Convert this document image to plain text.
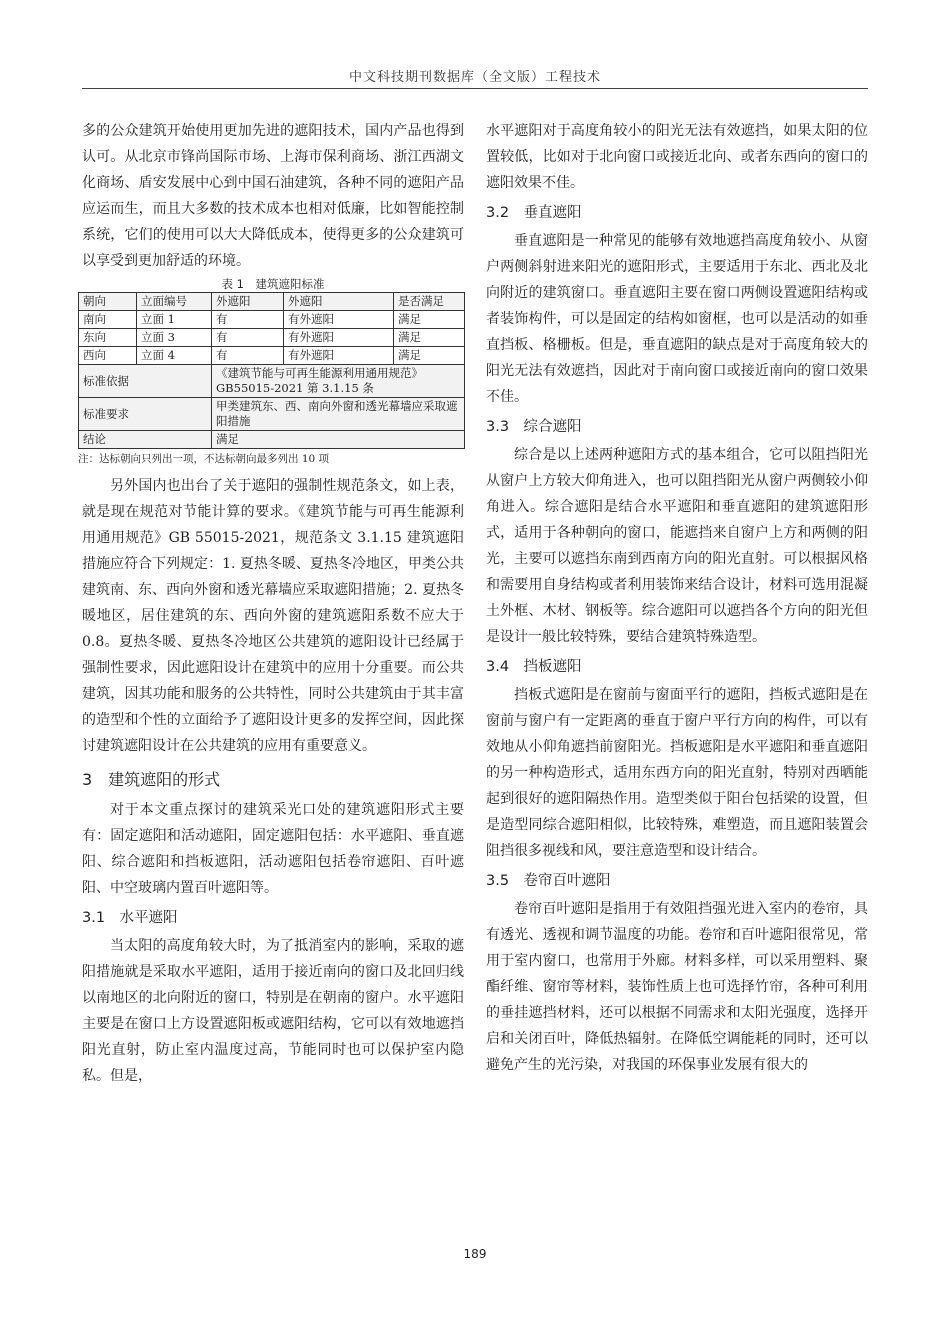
中文科技期刊数据库（全文版）工程技术

多的公众建筑开始使用更加先进的遮阳技术，国内产品也得到认可。从北京市锋尚国际市场、上海市保利商场、浙江西湖文化商场、盾安发展中心到中国石油建筑，各种不同的遮阳产品应运而生，而且大多数的技术成本也相对低廉，比如智能控制系统，它们的使用可以大大降低成本，使得更多的公众建筑可以享受到更加舒适的环境。

表 1　建筑遮阳标准
朝向	立面编号	外遮阳	外遮阳	是否满足
南向	立面 1	有	有外遮阳	满足
东向	立面 3	有	有外遮阳	满足
西向	立面 4	有	有外遮阳	满足
标准依据		《建筑节能与可再生能源利用通用规范》GB55015-2021 第 3.1.15 条		
标准要求		甲类建筑东、西、南向外窗和透光幕墙应采取遮阳措施		
结论		满足		
注：达标朝向只列出一项，不达标朝向最多列出 10 项

另外国内也出台了关于遮阳的强制性规范条文，如上表，就是现在规范对节能计算的要求。《建筑节能与可再生能源利用通用规范》GB 55015-2021，规范条文 3.1.15 建筑遮阳措施应符合下列规定：1. 夏热冬暖、夏热冬冷地区，甲类公共建筑南、东、西向外窗和透光幕墙应采取遮阳措施；2. 夏热冬暖地区，居住建筑的东、西向外窗的建筑遮阳系数不应大于 0.8。夏热冬暖、夏热冬冷地区公共建筑的遮阳设计已经属于强制性要求，因此遮阳设计在建筑中的应用十分重要。而公共建筑，因其功能和服务的公共特性，同时公共建筑由于其丰富的造型和个性的立面给予了遮阳设计更多的发挥空间，因此探讨建筑遮阳设计在公共建筑的应用有重要意义。

3　建筑遮阳的形式

对于本文重点探讨的建筑采光口处的建筑遮阳形式主要有：固定遮阳和活动遮阳，固定遮阳包括：水平遮阳、垂直遮阳、综合遮阳和挡板遮阳，活动遮阳包括卷帘遮阳、百叶遮阳、中空玻璃内置百叶遮阳等。

3.1　水平遮阳

当太阳的高度角较大时，为了抵消室内的影响，采取的遮阳措施就是采取水平遮阳，适用于接近南向的窗口及北回归线以南地区的北向附近的窗口，特别是在朝南的窗户。水平遮阳主要是在窗口上方设置遮阳板或遮阳结构，它可以有效地遮挡阳光直射，防止室内温度过高，节能同时也可以保护室内隐私。但是，

水平遮阳对于高度角较小的阳光无法有效遮挡，如果太阳的位置较低，比如对于北向窗口或接近北向、或者东西向的窗口的遮阳效果不佳。

3.2　垂直遮阳

垂直遮阳是一种常见的能够有效地遮挡高度角较小、从窗户两侧斜射进来阳光的遮阳形式，主要适用于东北、西北及北向附近的建筑窗口。垂直遮阳主要在窗口两侧设置遮阳结构或者装饰构件，可以是固定的结构如窗框，也可以是活动的如垂直挡板、格栅板。但是，垂直遮阳的缺点是对于高度角较大的阳光无法有效遮挡，因此对于南向窗口或接近南向的窗口效果不佳。

3.3　综合遮阳

综合是以上述两种遮阳方式的基本组合，它可以阻挡阳光从窗户上方较大仰角进入，也可以阻挡阳光从窗户两侧较小仰角进入。综合遮阳是结合水平遮阳和垂直遮阳的建筑遮阳形式，适用于各种朝向的窗口，能遮挡来自窗户上方和两侧的阳光，主要可以遮挡东南到西南方向的阳光直射。可以根据风格和需要用自身结构或者利用装饰来结合设计，材料可选用混凝土外框、木材、钢板等。综合遮阳可以遮挡各个方向的阳光但是设计一般比较特殊，要结合建筑特殊造型。

3.4　挡板遮阳

挡板式遮阳是在窗前与窗面平行的遮阳，挡板式遮阳是在窗前与窗户有一定距离的垂直于窗户平行方向的构件，可以有效地从小仰角遮挡前窗阳光。挡板遮阳是水平遮阳和垂直遮阳的另一种构造形式，适用东西方向的阳光直射，特别对西晒能起到很好的遮阳隔热作用。造型类似于阳台包括梁的设置，但是造型同综合遮阳相似，比较特殊，难塑造，而且遮阳装置会阻挡很多视线和风，要注意造型和设计结合。

3.5　卷帘百叶遮阳

卷帘百叶遮阳是指用于有效阻挡强光进入室内的卷帘，具有透光、透视和调节温度的功能。卷帘和百叶遮阳很常见，常用于室内窗口，也常用于外廊。材料多样，可以采用塑料、聚酯纤维、窗帘等材料，装饰性质上也可选择竹帘，各种可利用的垂挂遮挡材料，还可以根据不同需求和太阳光强度，选择开启和关闭百叶，降低热辐射。在降低空调能耗的同时，还可以避免产生的光污染，对我国的环保事业发展有很大的

189
